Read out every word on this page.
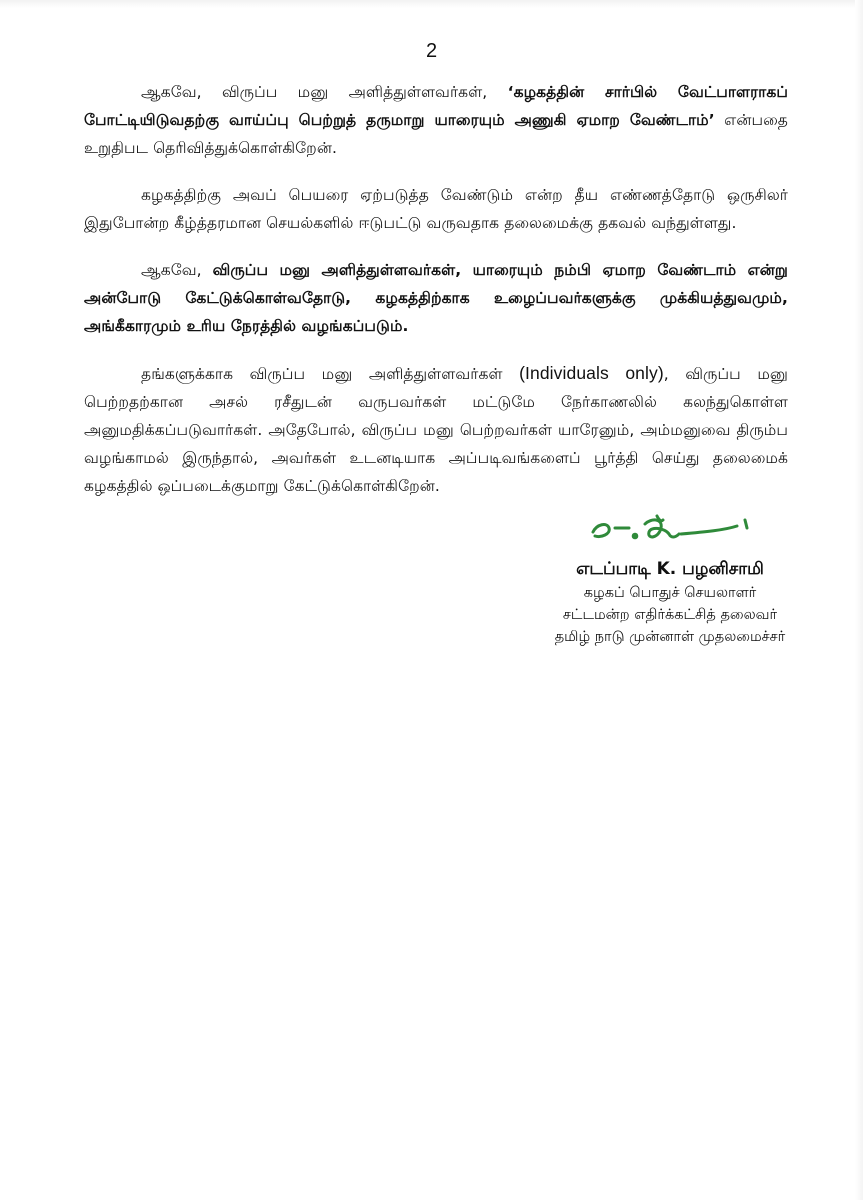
2

ஆகவே, விருப்ப மனு அளித்துள்ளவர்கள், ‘கழகத்தின் சார்பில் வேட்பாளராகப் போட்டியிடுவதற்கு வாய்ப்பு பெற்றுத் தருமாறு யாரையும் அணுகி ஏமாற வேண்டாம்’ என்பதை உறுதிபட தெரிவித்துக்கொள்கிறேன்.

கழகத்திற்கு அவப் பெயரை ஏற்படுத்த வேண்டும் என்ற தீய எண்ணத்தோடு ஒருசிலர் இதுபோன்ற கீழ்த்தரமான செயல்களில் ஈடுபட்டு வருவதாக தலைமைக்கு தகவல் வந்துள்ளது.

ஆகவே, விருப்ப மனு அளித்துள்ளவர்கள், யாரையும் நம்பி ஏமாற வேண்டாம் என்று அன்போடு கேட்டுக்கொள்வதோடு, கழகத்திற்காக உழைப்பவர்களுக்கு முக்கியத்துவமும், அங்கீகாரமும் உரிய நேரத்தில் வழங்கப்படும்.

தங்களுக்காக விருப்ப மனு அளித்துள்ளவர்கள் (Individuals only), விருப்ப மனு பெற்றதற்கான அசல் ரசீதுடன் வருபவர்கள் மட்டுமே நேர்காணலில் கலந்துகொள்ள அனுமதிக்கப்படுவார்கள். அதேபோல், விருப்ப மனு பெற்றவர்கள் யாரேனும், அம்மனுவை திரும்ப வழங்காமல் இருந்தால், அவர்கள் உடனடியாக அப்படிவங்களைப் பூர்த்தி செய்து தலைமைக் கழகத்தில் ஒப்படைக்குமாறு கேட்டுக்கொள்கிறேன்.

எடப்பாடி K. பழனிசாமி
கழகப் பொதுச் செயலாளர்
சட்டமன்ற எதிர்க்கட்சித் தலைவர்
தமிழ் நாடு முன்னாள் முதலமைச்சர்
